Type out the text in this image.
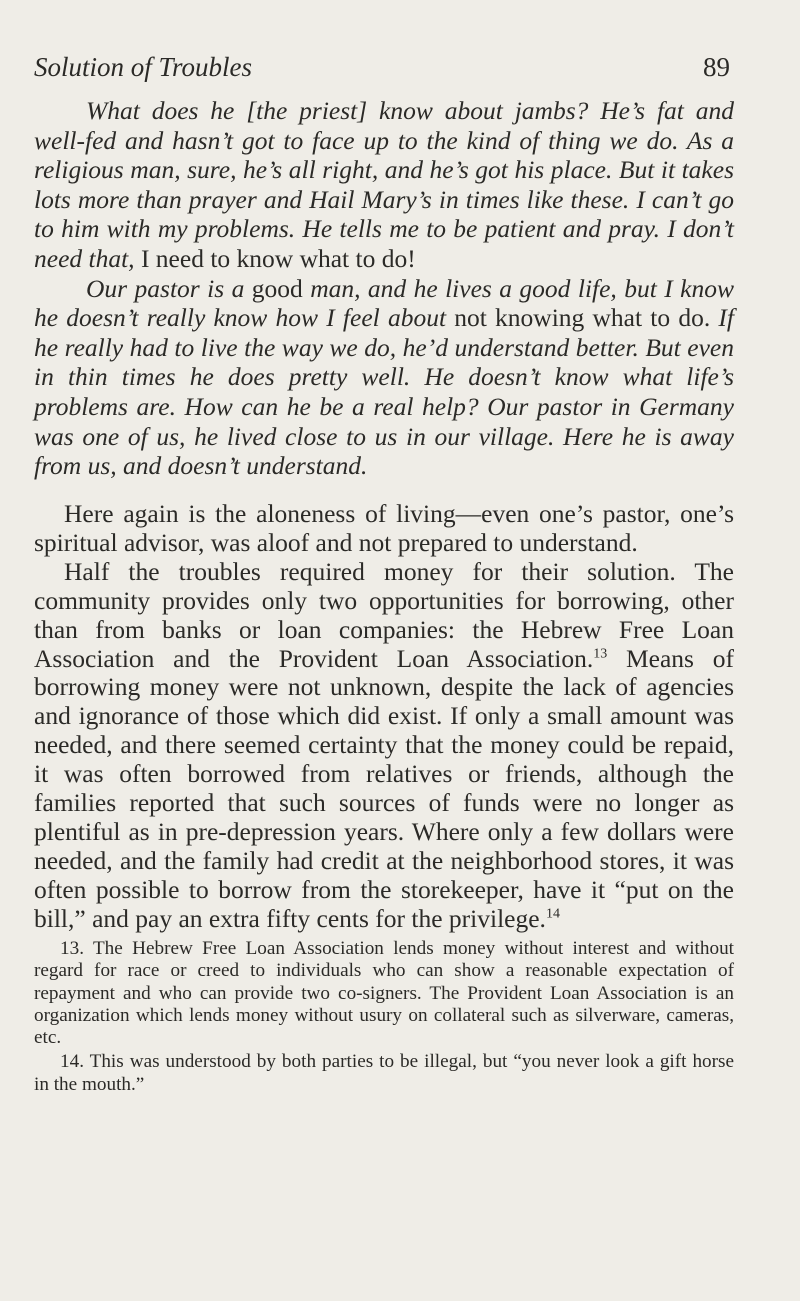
Solution of Troubles	89

What does he [the priest] know about jambs? He’s fat and well-fed and hasn’t got to face up to the kind of thing we do. As a religious man, sure, he’s all right, and he’s got his place. But it takes lots more than prayer and Hail Mary’s in times like these. I can’t go to him with my problems. He tells me to be patient and pray. I don’t need that, I need to know what to do!

Our pastor is a good man, and he lives a good life, but I know he doesn’t really know how I feel about not knowing what to do. If he really had to live the way we do, he’d understand better. But even in thin times he does pretty well. He doesn’t know what life’s problems are. How can he be a real help? Our pastor in Germany was one of us, he lived close to us in our village. Here he is away from us, and doesn’t understand.

Here again is the aloneness of living—even one’s pastor, one’s spiritual advisor, was aloof and not prepared to understand.

Half the troubles required money for their solution. The community provides only two opportunities for borrowing, other than from banks or loan companies: the Hebrew Free Loan Association and the Provident Loan Association.$^{13}$ Means of borrowing money were not unknown, despite the lack of agencies and ignorance of those which did exist. If only a small amount was needed, and there seemed certainty that the money could be repaid, it was often borrowed from relatives or friends, although the families reported that such sources of funds were no longer as plentiful as in pre-depression years. Where only a few dollars were needed, and the family had credit at the neighborhood stores, it was often possible to borrow from the storekeeper, have it “put on the bill,” and pay an extra fifty cents for the privilege.$^{14}$

13. The Hebrew Free Loan Association lends money without interest and without regard for race or creed to individuals who can show a reasonable expectation of repayment and who can provide two co-signers. The Provident Loan Association is an organization which lends money without usury on collateral such as silverware, cameras, etc.

14. This was understood by both parties to be illegal, but “you never look a gift horse in the mouth.”
